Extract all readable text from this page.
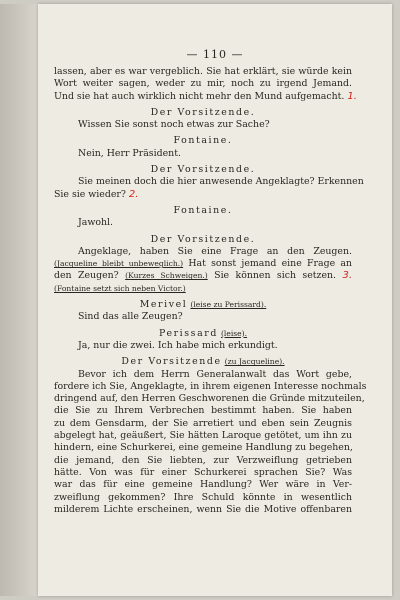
— 110 —
lassen, aber es war vergeblich. Sie hat erklärt, sie würde kein
Wort weiter sagen, weder zu mir, noch zu irgend Jemand.
Und sie hat auch wirklich nicht mehr den Mund aufgemacht. 1.
Der Vorsitzende.
Wissen Sie sonst noch etwas zur Sache?
Fontaine.
Nein, Herr Präsident.
Der Vorsitzende.
Sie meinen doch die hier anwesende Angeklagte? Erkennen
Sie sie wieder? 2.
Fontaine.
Jawohl.
Der Vorsitzende.
Angeklage, haben Sie eine Frage an den Zeugen.
(Jacqueline bleibt unbeweglich.) Hat sonst jemand eine Frage an
den Zeugen? (Kurzes Schweigen.) Sie können sich setzen. 3.
(Fontaine setzt sich neben Victor.)
Merivel (leise zu Perissard).
Sind das alle Zeugen?
Perissard (leise).
Ja, nur die zwei. Ich habe mich erkundigt.
Der Vorsitzende (zu Jacqueline).
Bevor ich dem Herrn Generalanwalt das Wort gebe,
fordere ich Sie, Angeklagte, in ihrem eigenen Interesse nochmals
dringend auf, den Herren Geschworenen die Gründe mitzuteilen,
die Sie zu Ihrem Verbrechen bestimmt haben. Sie haben
zu dem Gensdarm, der Sie arretiert und eben sein Zeugnis
abgelegt hat, geäußert, Sie hätten Laroque getötet, um ihn zu
hindern, eine Schurkerei, eine gemeine Handlung zu begehen,
die jemand, den Sie liebten, zur Verzweiflung getrieben
hätte. Von was für einer Schurkerei sprachen Sie? Was
war das für eine gemeine Handlung? Wer wäre in Ver-
zweiflung gekommen? Ihre Schuld könnte in wesentlich
milderem Lichte erscheinen, wenn Sie die Motive offenbaren
